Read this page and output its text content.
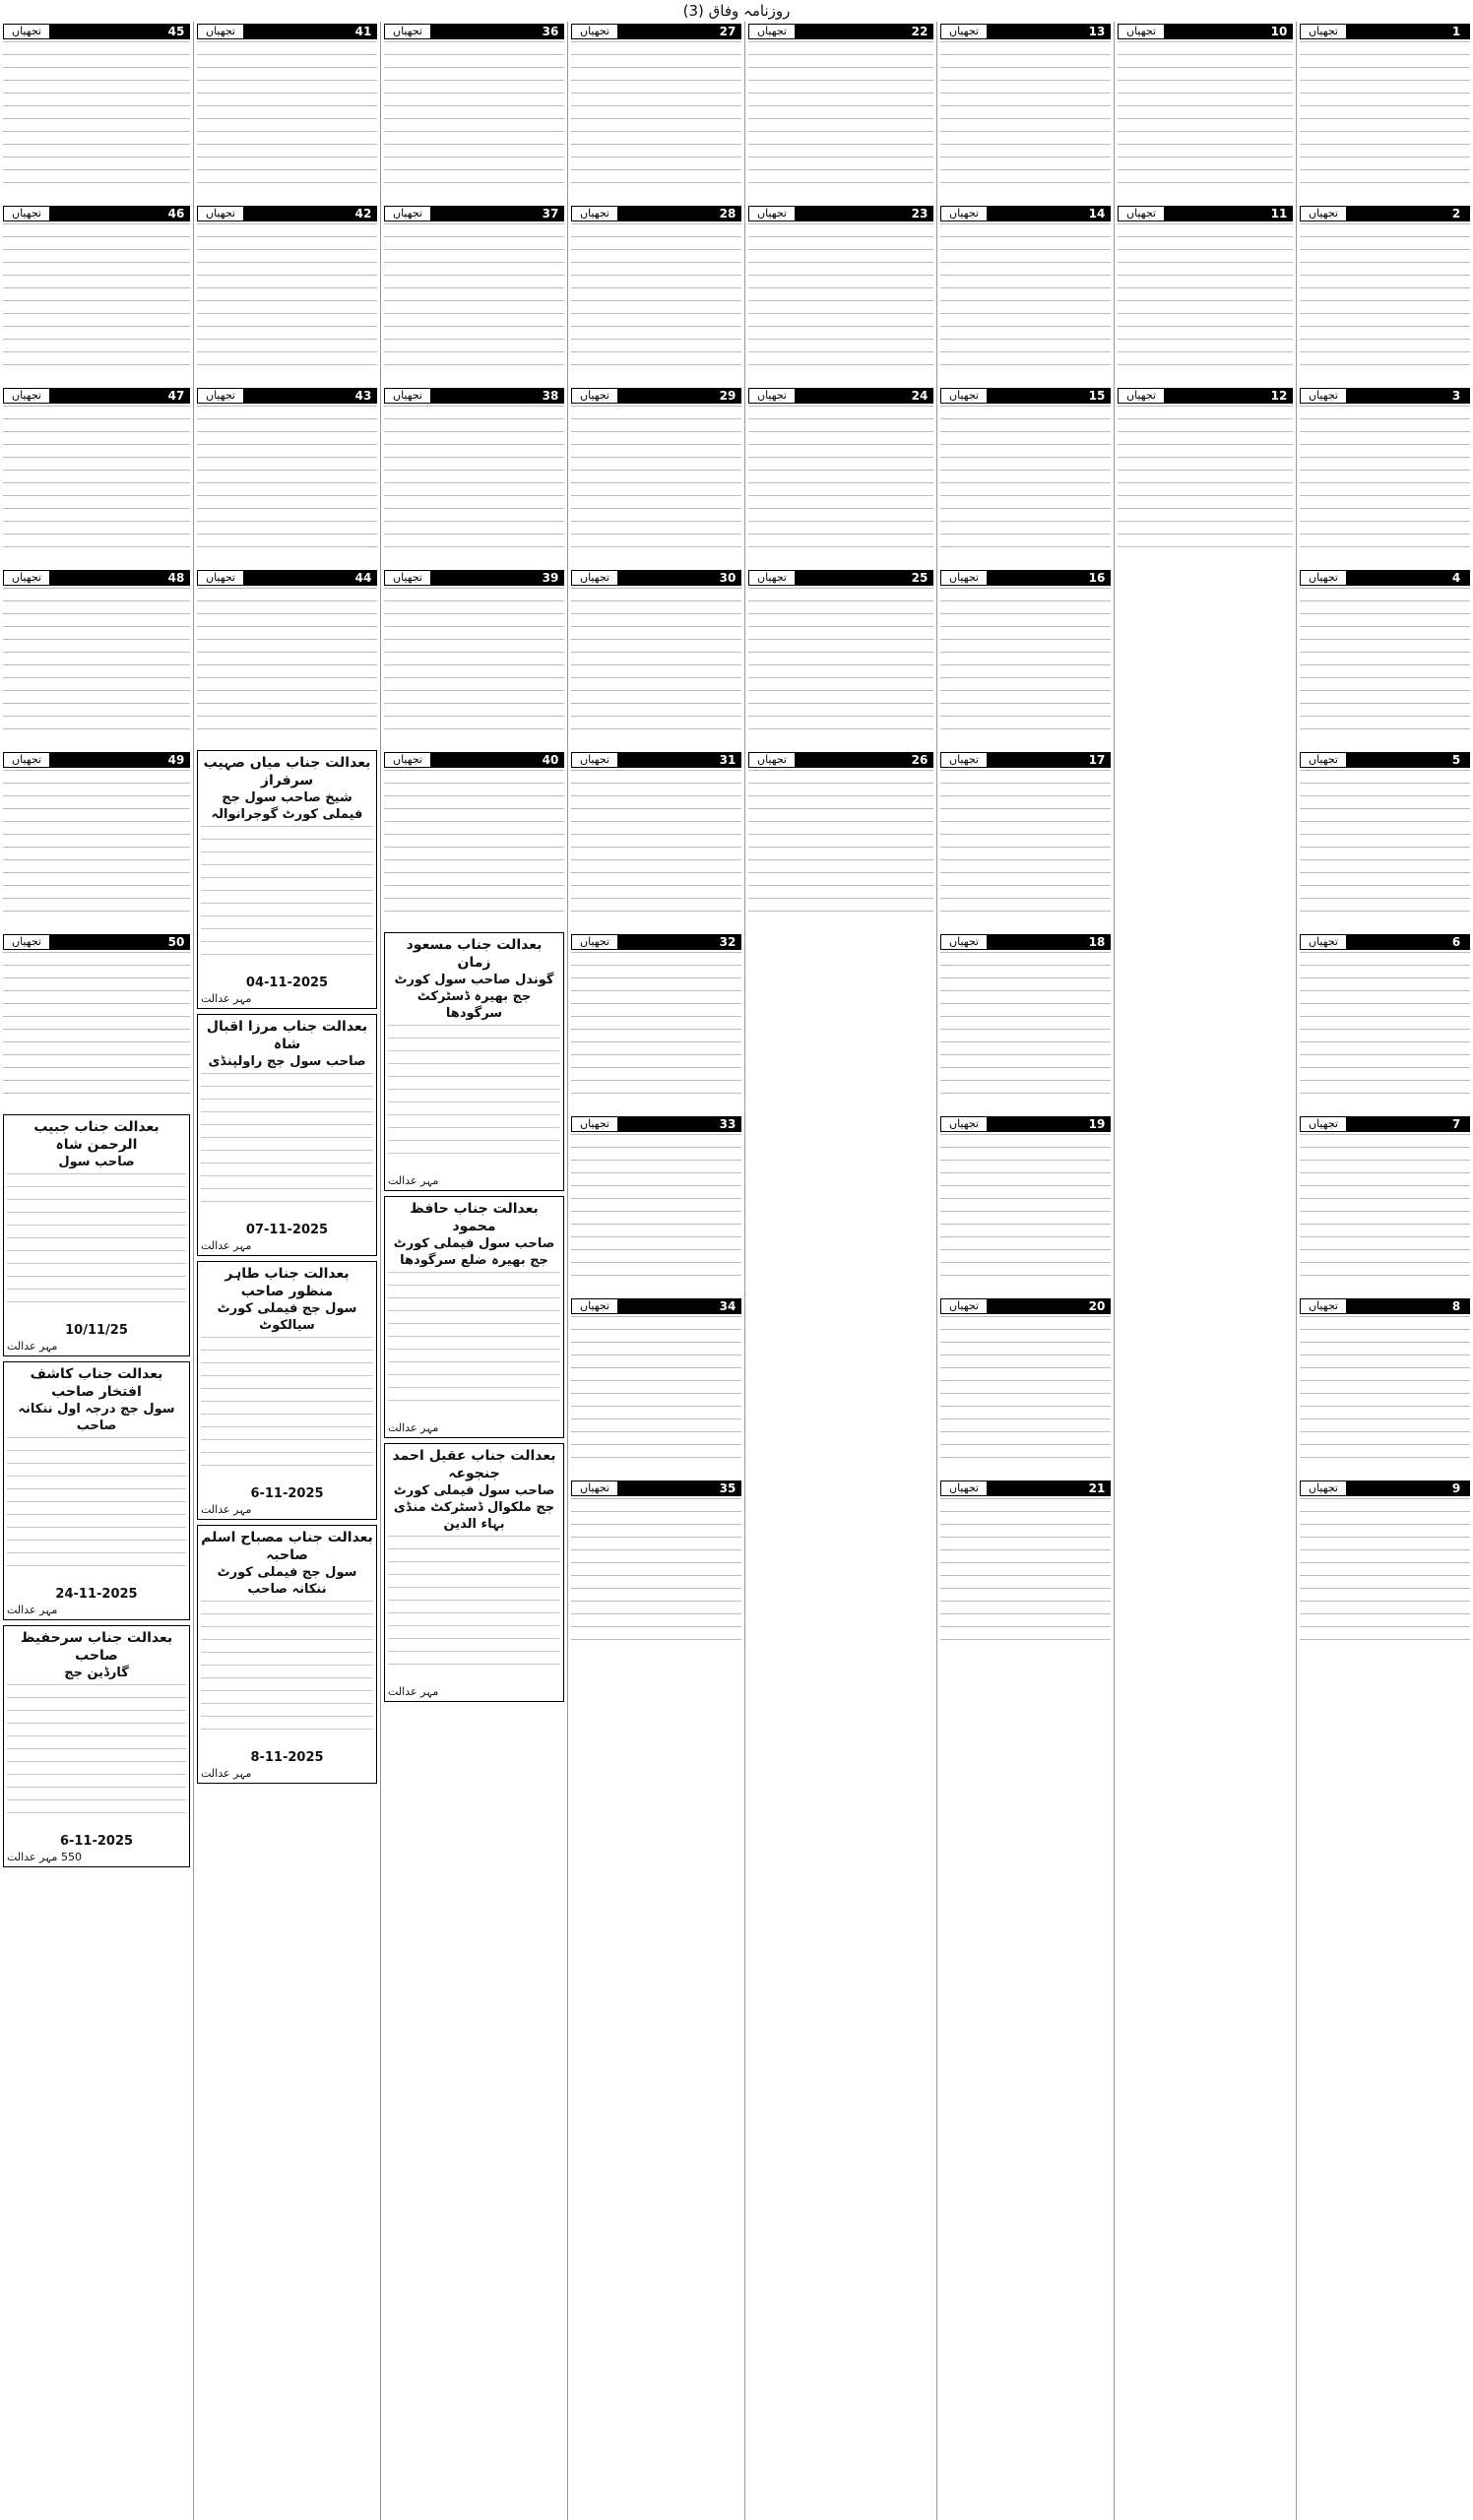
روزنامہ وفاق (3)
1
تجھیاں
2
تجھیاں
3
تجھیاں
4
تجھیاں
5
تجھیاں
6
تجھیاں
7
تجھیاں
8
تجھیاں
9
تجھیاں
10
تجھیاں
11
تجھیاں
12
تجھیاں
13
تجھیاں
14
تجھیاں
15
تجھیاں
16
تجھیاں
17
تجھیاں
18
تجھیاں
19
تجھیاں
20
تجھیاں
21
تجھیاں
22
تجھیاں
23
تجھیاں
24
تجھیاں
25
تجھیاں
26
تجھیاں
27
تجھیاں
28
تجھیاں
29
تجھیاں
30
تجھیاں
31
تجھیاں
32
تجھیاں
33
تجھیاں
34
تجھیاں
35
تجھیاں
36
تجھیاں
37
تجھیاں
38
تجھیاں
39
تجھیاں
40
تجھیاں
بعدالت جناب مسعود زمان
گوندل صاحب سول کورٹ جج بھیرہ ڈسٹرکٹ سرگودھا
مہر عدالت
بعدالت جناب حافظ محمود
صاحب سول فیملی کورٹ جج بھیرہ ضلع سرگودھا
مہر عدالت
بعدالت جناب عقیل احمد جنجوعہ
صاحب سول فیملی کورٹ جج ملکوال ڈسٹرکٹ منڈی بہاء الدین
مہر عدالت
41
تجھیاں
42
تجھیاں
43
تجھیاں
44
تجھیاں
بعدالت جناب میاں صہیب سرفراز
شیخ صاحب سول جج فیملی کورٹ گوجرانوالہ
04-11-2025
مہر عدالت
بعدالت جناب مرزا اقبال شاہ
صاحب سول جج راولپنڈی
07-11-2025
مہر عدالت
بعدالت جناب طاہر منظور صاحب
سول جج فیملی کورٹ سیالکوٹ
6-11-2025
مہر عدالت
بعدالت جناب مصباح اسلم صاحبہ
سول جج فیملی کورٹ ننکانہ صاحب
8-11-2025
مہر عدالت
45
تجھیاں
46
تجھیاں
47
تجھیاں
48
تجھیاں
49
تجھیاں
50
تجھیاں
بعدالت جناب جبیب الرحمن شاہ
صاحب سول
10/11/25
مہر عدالت
بعدالت جناب کاشف افتخار صاحب
سول جج درجہ اول ننکانہ صاحب
24-11-2025
مہر عدالت
بعدالت جناب سرحفیظ صاحب
گارڈین جج
6-11-2025
550 مہر عدالت
